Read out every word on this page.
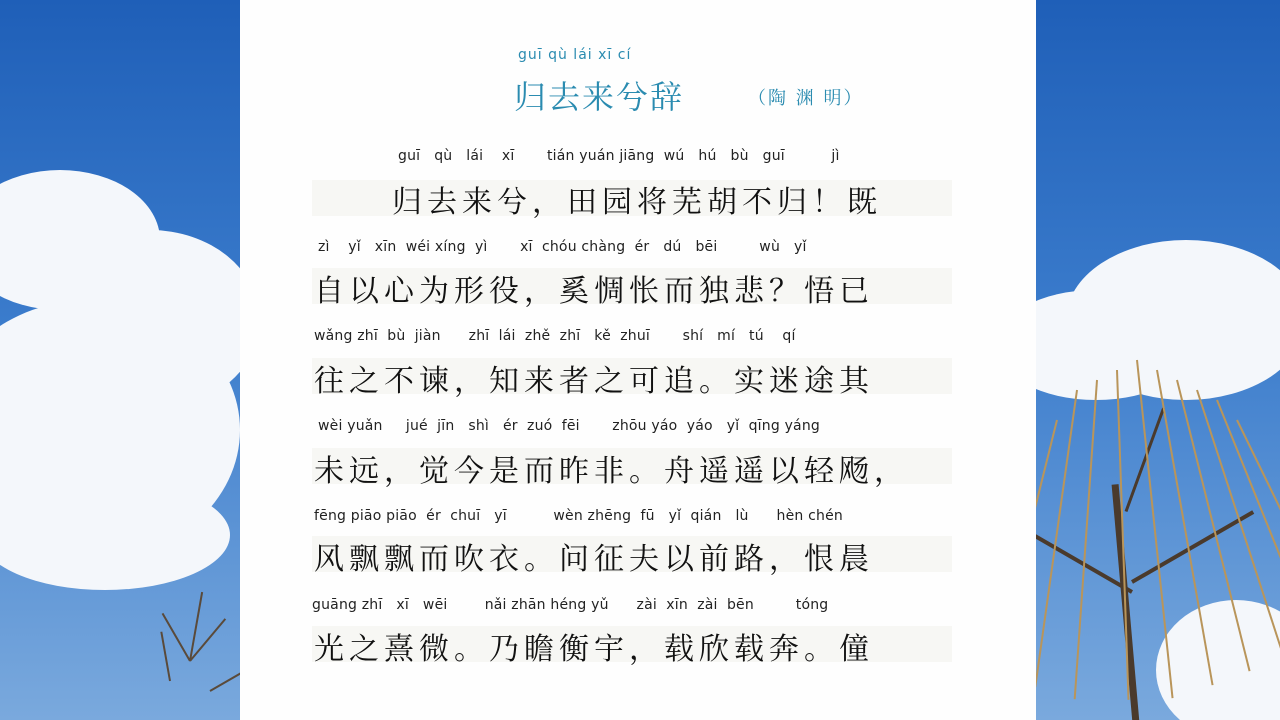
guī qù lái xī cí
归去来兮辞	（陶 渊 明）
guī   qù   lái    xī       tián yuán jiāng  wú   hú   bù   guī          jì
归去来兮，田园将芜胡不归！既
zì    yǐ   xīn  wéi xíng  yì       xī  chóu chàng  ér   dú   bēi         wù   yǐ
自以心为形役，奚惆怅而独悲？悟已
wǎng zhī  bù  jiàn      zhī  lái  zhě  zhī   kě  zhuī       shí   mí   tú    qí
往之不谏，知来者之可追。实迷途其
wèi yuǎn     jué  jīn   shì   ér  zuó  fēi       zhōu yáo  yáo   yǐ  qīng yáng
未远，觉今是而昨非。舟遥遥以轻飏，
fēng piāo piāo  ér  chuī   yī          wèn zhēng  fū   yǐ  qián   lù      hèn chén
风飘飘而吹衣。问征夫以前路，恨晨
guāng zhī   xī   wēi        nǎi zhān héng yǔ      zài  xīn  zài  bēn         tóng
光之熹微。乃瞻衡宇，载欣载奔。僮
